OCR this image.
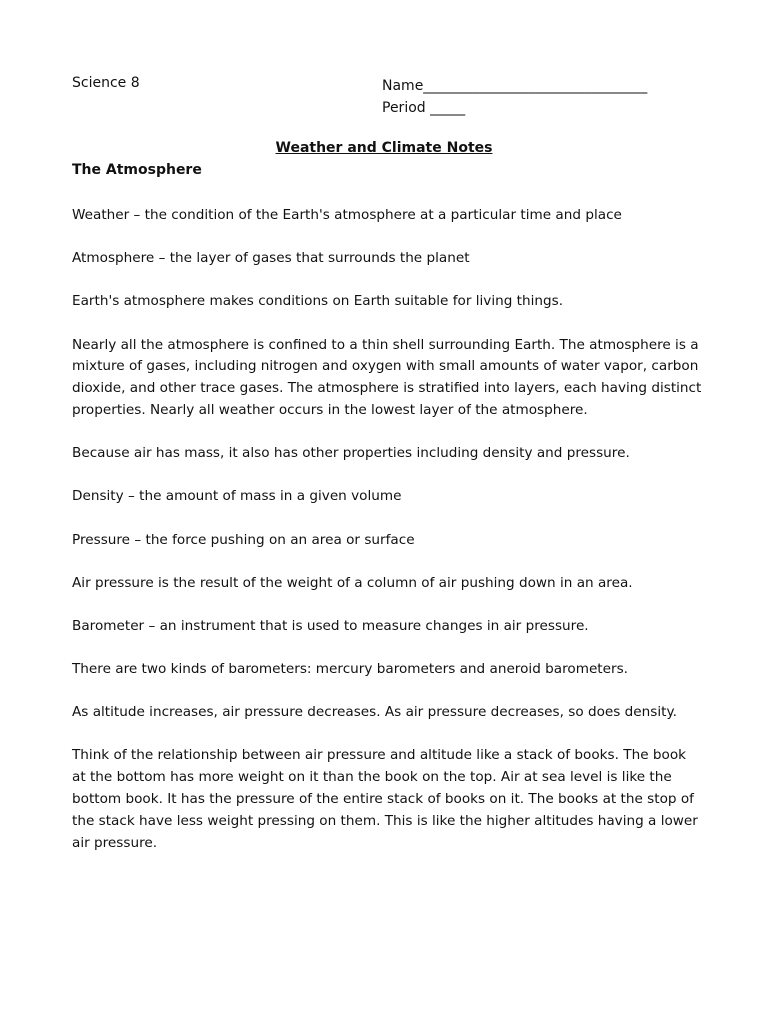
Science 8	Name________________________________
Period _____
Weather and Climate Notes
The Atmosphere

Weather – the condition of the Earth's atmosphere at a particular time and place

Atmosphere – the layer of gases that surrounds the planet

Earth's atmosphere makes conditions on Earth suitable for living things.

Nearly all the atmosphere is confined to a thin shell surrounding Earth. The atmosphere is a mixture of gases, including nitrogen and oxygen with small amounts of water vapor, carbon dioxide, and other trace gases. The atmosphere is stratified into layers, each having distinct properties. Nearly all weather occurs in the lowest layer of the atmosphere.

Because air has mass, it also has other properties including density and pressure.

Density – the amount of mass in a given volume

Pressure – the force pushing on an area or surface

Air pressure is the result of the weight of a column of air pushing down in an area.

Barometer – an instrument that is used to measure changes in air pressure.

There are two kinds of barometers: mercury barometers and aneroid barometers.

As altitude increases, air pressure decreases. As air pressure decreases, so does density.

Think of the relationship between air pressure and altitude like a stack of books. The book at the bottom has more weight on it than the book on the top. Air at sea level is like the bottom book. It has the pressure of the entire stack of books on it. The books at the stop of the stack have less weight pressing on them. This is like the higher altitudes having a lower air pressure.
